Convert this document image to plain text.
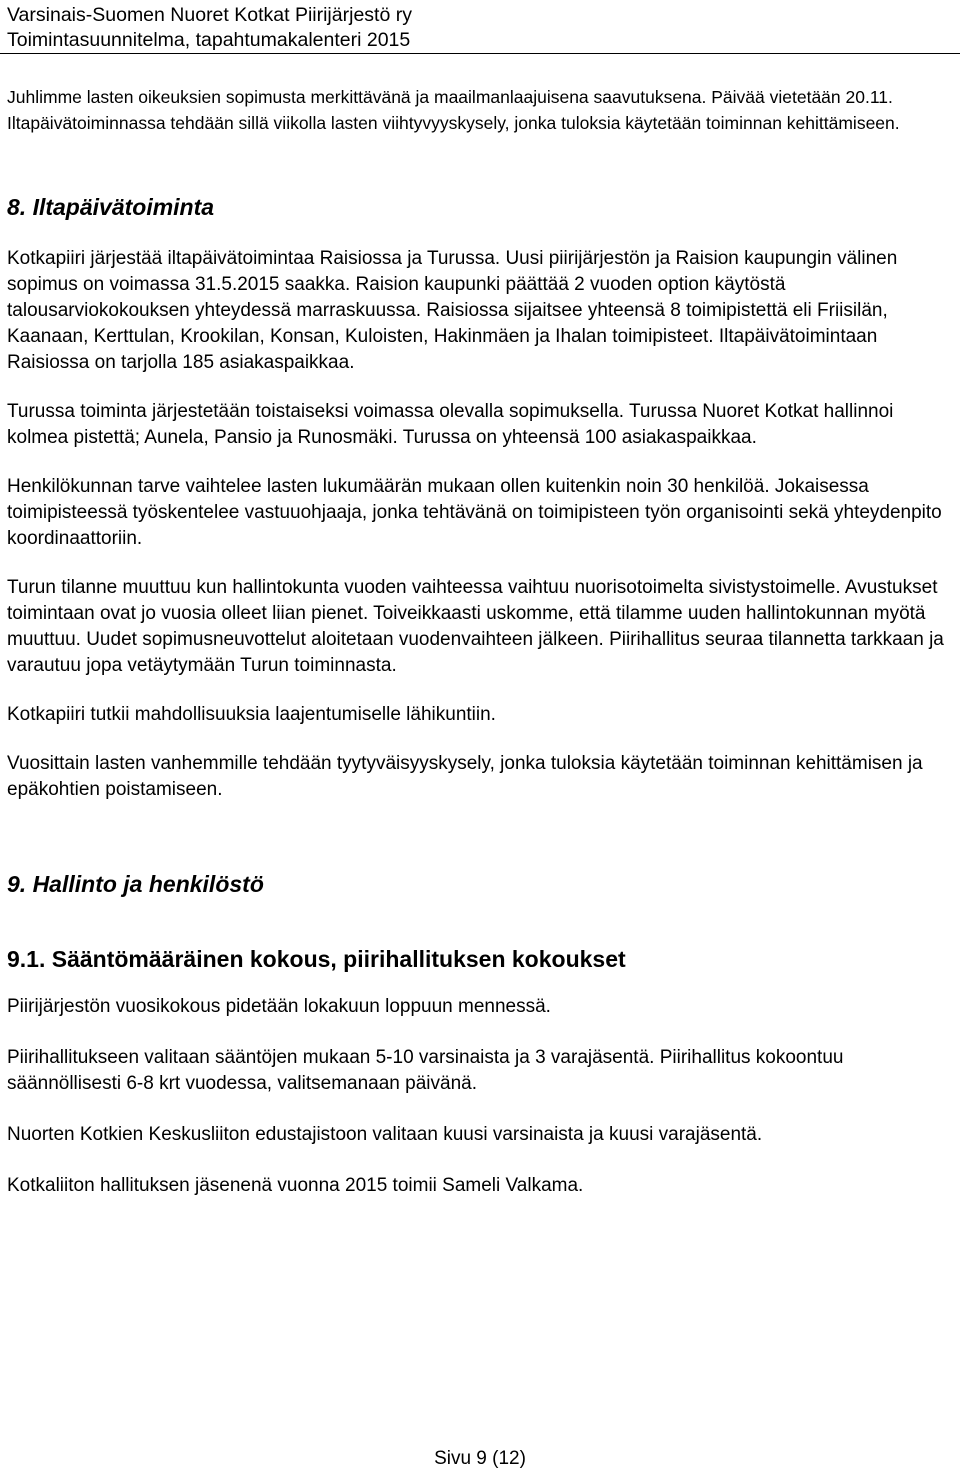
Varsinais-Suomen Nuoret Kotkat Piirijärjestö ry
Toimintasuunnitelma, tapahtumakalenteri 2015

Juhlimme lasten oikeuksien sopimusta merkittävänä ja maailmanlaajuisena saavutuksena. Päivää vietetään 20.11. Iltapäivätoiminnassa tehdään sillä viikolla lasten viihtyvyyskysely, jonka tuloksia käytetään toiminnan kehittämiseen.

8. Iltapäivätoiminta

Kotkapiiri järjestää iltapäivätoimintaa Raisiossa ja Turussa. Uusi piirijärjestön ja Raision kaupungin välinen sopimus on voimassa 31.5.2015 saakka. Raision kaupunki päättää 2 vuoden option käytöstä talousarviokokouksen yhteydessä marraskuussa. Raisiossa sijaitsee yhteensä 8 toimipistettä eli Friisilän, Kaanaan, Kerttulan, Krookilan, Konsan, Kuloisten, Hakinmäen ja Ihalan toimipisteet. Iltapäivätoimintaan Raisiossa on tarjolla 185 asiakaspaikkaa.

Turussa toiminta järjestetään toistaiseksi voimassa olevalla sopimuksella. Turussa Nuoret Kotkat hallinnoi kolmea pistettä; Aunela, Pansio ja Runosmäki. Turussa on yhteensä 100 asiakaspaikkaa.

Henkilökunnan tarve vaihtelee lasten lukumäärän mukaan ollen kuitenkin noin 30 henkilöä. Jokaisessa toimipisteessä työskentelee vastuuohjaaja, jonka tehtävänä on toimipisteen työn organisointi sekä yhteydenpito koordinaattoriin.

Turun tilanne muuttuu kun hallintokunta vuoden vaihteessa vaihtuu nuorisotoimelta sivistystoimelle. Avustukset toimintaan ovat jo vuosia olleet liian pienet. Toiveikkaasti uskomme, että tilamme uuden hallintokunnan myötä muuttuu. Uudet sopimusneuvottelut aloitetaan vuodenvaihteen jälkeen. Piirihallitus seuraa tilannetta tarkkaan ja varautuu jopa vetäytymään Turun toiminnasta.

Kotkapiiri tutkii mahdollisuuksia laajentumiselle lähikuntiin.

Vuosittain lasten vanhemmille tehdään tyytyväisyyskysely, jonka tuloksia käytetään toiminnan kehittämisen ja epäkohtien poistamiseen.

9. Hallinto ja henkilöstö
9.1. Sääntömääräinen kokous, piirihallituksen kokoukset

Piirijärjestön vuosikokous pidetään lokakuun loppuun mennessä.

Piirihallitukseen valitaan sääntöjen mukaan 5-10 varsinaista ja 3 varajäsentä. Piirihallitus kokoontuu säännöllisesti 6-8 krt vuodessa, valitsemanaan päivänä.

Nuorten Kotkien Keskusliiton edustajistoon valitaan kuusi varsinaista ja kuusi varajäsentä.

Kotkaliiton hallituksen jäsenenä vuonna 2015 toimii Sameli Valkama.

Sivu 9 (12)
